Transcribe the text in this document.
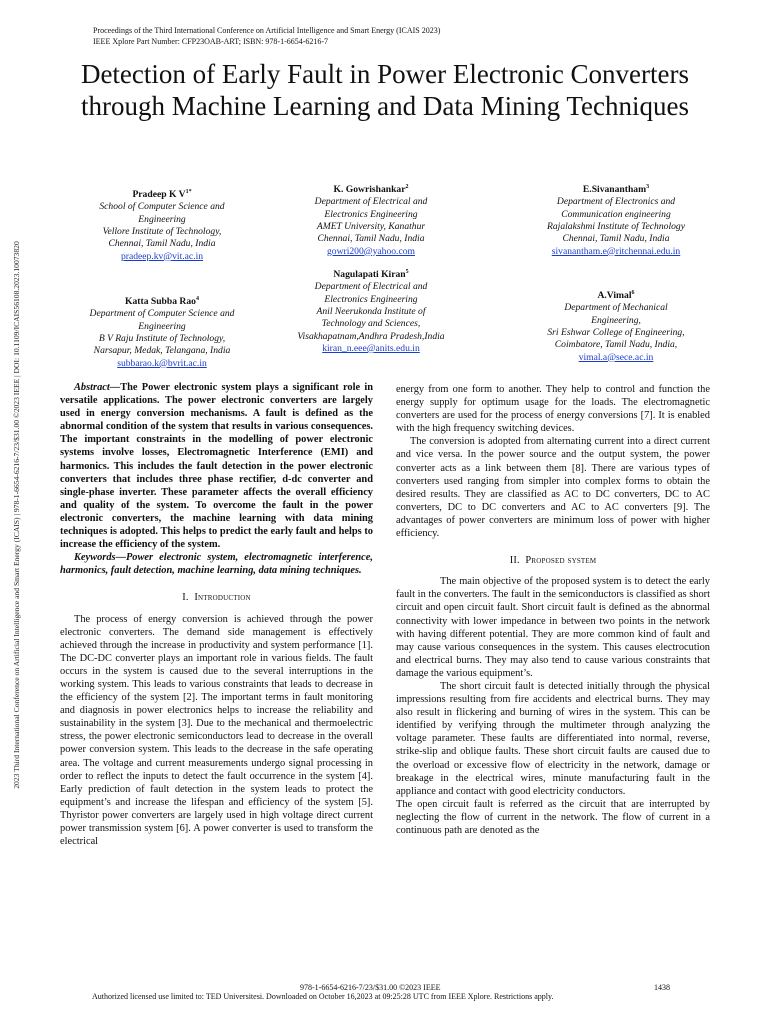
Proceedings of the Third International Conference on Artificial Intelligence and Smart Energy (ICAIS 2023)
IEEE Xplore Part Number: CFP23OAB-ART; ISBN: 978-1-6654-6216-7
2023 Third International Conference on Artificial Intelligence and Smart Energy (ICAIS) | 978-1-6654-6216-7/23/$31.00 ©2023 IEEE | DOI: 10.1109/ICAIS56108.2023.10073820
Detection of Early Fault in Power Electronic Converters through Machine Learning and Data Mining Techniques
Pradeep K $V^{1*}$
School of Computer Science and
Engineering
Vellore Institute of Technology,
Chennai, Tamil Nadu, India
pradeep.kv@vit.ac.in
K. Gowrishankar$^2$
Department of Electrical and
Electronics Engineering
AMET University, Kanathur
Chennai, Tamil Nadu, India
gowri200@yahoo.com
E.Sivanantham$^3$
Department of Electronics and
Communication engineering
Rajalakshmi Institute of Technology
Chennai, Tamil Nadu, India
sivanantham.e@ritchennai.edu.in
Katta Subba Rao$^4$
Department of Computer Science and
Engineering
B V Raju Institute of Technology,
Narsapur, Medak, Telangana, India
subbarao.k@bvrit.ac.in
Nagulapati Kiran$^5$
Department of Electrical and
Electronics Engineering
Anil Neerukonda Institute of
Technology and Sciences,
Visakhapatnam,Andhra Pradesh,India
kiran_n.eee@anits.edu.in
A.Vimal$^6$
Department of Mechanical
Engineering,
Sri Eshwar College of Engineering,
Coimbatore, Tamil Nadu, India,
vimal.a@sece.ac.in

Abstract—The Power electronic system plays a significant role in versatile applications. The power electronic converters are largely used in energy conversion mechanisms. A fault is defined as the abnormal condition of the system that results in various consequences. The important constraints in the modelling of power electronic systems involve losses, Electromagnetic Interference (EMI) and harmonics. This includes the fault detection in the power electronic converters that includes three phase rectifier, d-dc converter and single-phase inverter. These parameter affects the overall efficiency and quality of the system. To overcome the fault in the power electronic converters, the machine learning with data mining techniques is adopted. This helps to predict the early fault and helps to increase the efficiency of the system.

Keywords—Power electronic system, electromagnetic interference, harmonics, fault detection, machine learning, data mining techniques.

I. Introduction

The process of energy conversion is achieved through the power electronic converters. The demand side management is effectively achieved through the increase in productivity and system performance [1]. The DC-DC converter plays an important role in various fields. The fault occurs in the system is caused due to the several interruptions in the working system. This leads to various constraints that leads to decrease in the efficiency of the system [2]. The important terms in fault monitoring and diagnosis in power electronics helps to increase the reliability and sustainability in the system [3]. Due to the mechanical and thermoelectric stress, the power electronic semiconductors lead to decrease in the overall power conversion system. This leads to the decrease in the safe operating area. The voltage and current measurements undergo signal processing in order to reflect the inputs to detect the fault occurrence in the system [4]. Early prediction of fault detection in the system leads to protect the equipment’s and increase the lifespan and efficiency of the system [5]. Thyristor power converters are largely used in high voltage direct current power transmission system [6]. A power converter is used to transform the electrical

energy from one form to another. They help to control and function the energy supply for optimum usage for the loads. The electromagnetic converters are used for the process of energy conversions [7]. It is enabled with the high frequency switching devices.

The conversion is adopted from alternating current into a direct current and vice versa. In the power source and the output system, the power converter acts as a link between them [8]. There are various types of converters used ranging from simpler into complex forms to obtain the desired results. They are classified as AC to DC converters, DC to AC converters, DC to DC converters and AC to AC converters [9]. The advantages of power converters are minimum loss of power with higher efficiency.

II. Proposed system

The main objective of the proposed system is to detect the early fault in the converters. The fault in the semiconductors is classified as short circuit and open circuit fault. Short circuit fault is defined as the abnormal connectivity with lower impedance in between two points in the network with having different potential. They are more common kind of fault and may cause various consequences in the system. This causes electrocution and electrical burns. They may also tend to cause various constraints that damage the various equipment’s.

The short circuit fault is detected initially through the physical impressions resulting from fire accidents and electrical burns. They may also result in flickering and burning of wires in the system. This can be identified by verifying through the multimeter through analyzing the voltage parameter. These faults are differentiated into normal, reverse, strike-slip and oblique faults. These short circuit faults are caused due to the overload or excessive flow of electricity in the network, damage or breakage in the electrical wires, minute manufacturing fault in the appliance and contact with good electricity conductors.

The open circuit fault is referred as the circuit that are interrupted by neglecting the flow of current in the network. The flow of current in a continuous path are denoted as the

978-1-6654-6216-7/23/$31.00 ©2023 IEEE	1438
Authorized licensed use limited to: TED Universitesi. Downloaded on October 16,2023 at 09:25:28 UTC from IEEE Xplore. Restrictions apply.
